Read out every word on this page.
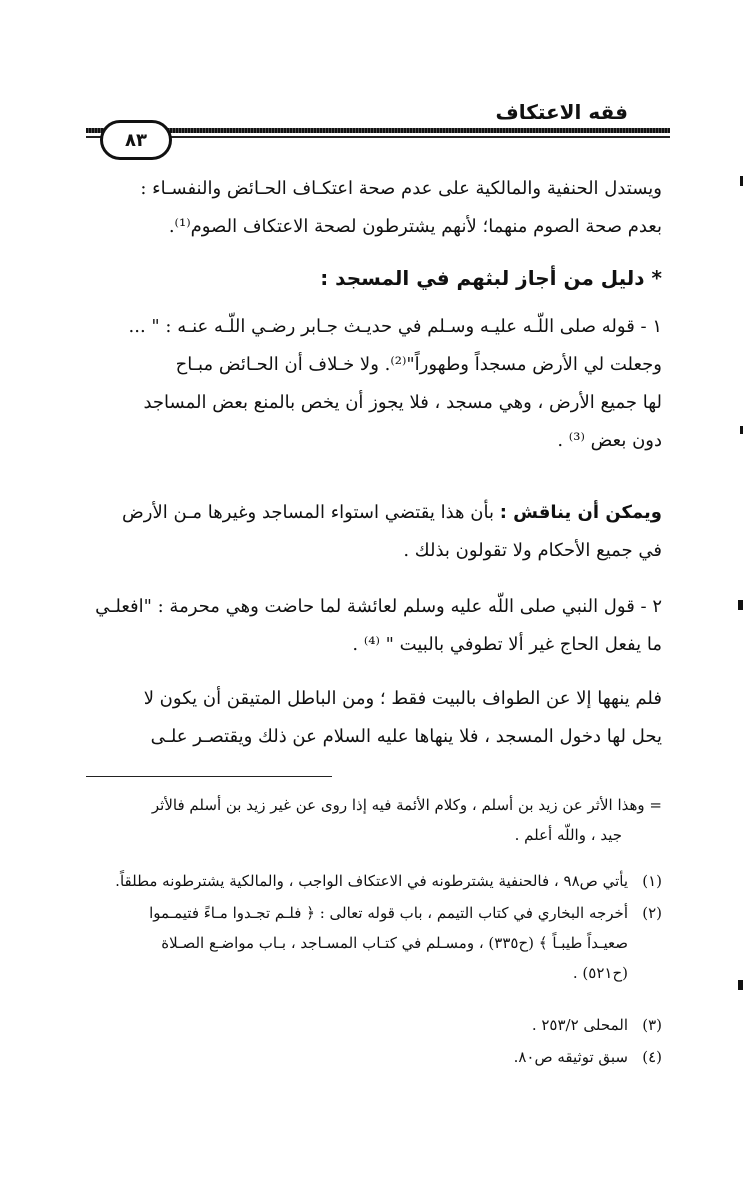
فقه الاعتكاف
٨٣
ويستدل الحنفية والمالكية على عدم صحة اعتكـاف الحـائض والنفسـاء :
بعدم صحة الصوم منهما؛ لأنهم يشترطون لصحة الاعتكاف الصوم⁽¹⁾.
* دليل من أجاز لبثهم في المسجد :
١ - قوله صلى اللّـه عليـه وسـلم في حديـث جـابر رضـي اللّـه عنـه : " ...
وجعلت لي الأرض مسجداً وطهوراً"⁽²⁾. ولا خـلاف أن الحـائض مبـاح
لها جميع الأرض ، وهي مسجد ، فلا يجوز أن يخص بالمنع بعض المساجد
دون بعض ⁽³⁾ .
ويمكن أن يناقش : بأن هذا يقتضي استواء المساجد وغيرها مـن الأرض
في جميع الأحكام ولا تقولون بذلك .
٢ - قول النبي صلى اللّه عليه وسلم لعائشة لما حاضت وهي محرمة : "افعلـي
ما يفعل الحاج غير ألا تطوفي بالبيت " ⁽⁴⁾ .
فلم ينهها إلا عن الطواف بالبيت فقط ؛ ومن الباطل المتيقن أن يكون لا
يحل لها دخول المسجد ، فلا ينهاها عليه السلام عن ذلك ويقتصـر علـى
= وهذا الأثر عن زيد بن أسلم ، وكلام الأئمة فيه إذا روى عن غير زيد بن أسلم فالأثر
جيد ، واللّه أعلم .
(١)يأتي ص٩٨ ، فالحنفية يشترطونه في الاعتكاف الواجب ، والمالكية يشترطونه مطلقاً.
(٢)أخرجه البخاري في كتاب التيمم ، باب قوله تعالى : ﴿ فلـم تجـدوا مـاءً فتيمـموا
صعيـداً طيبـاً ﴾ (ح٣٣٥) ، ومسـلم في كتـاب المسـاجد ، بـاب مواضـع الصـلاة
(ح٥٢١) .
(٣)المحلى ٢٥٣/٢ .
(٤)سبق توثيقه ص٨٠.
